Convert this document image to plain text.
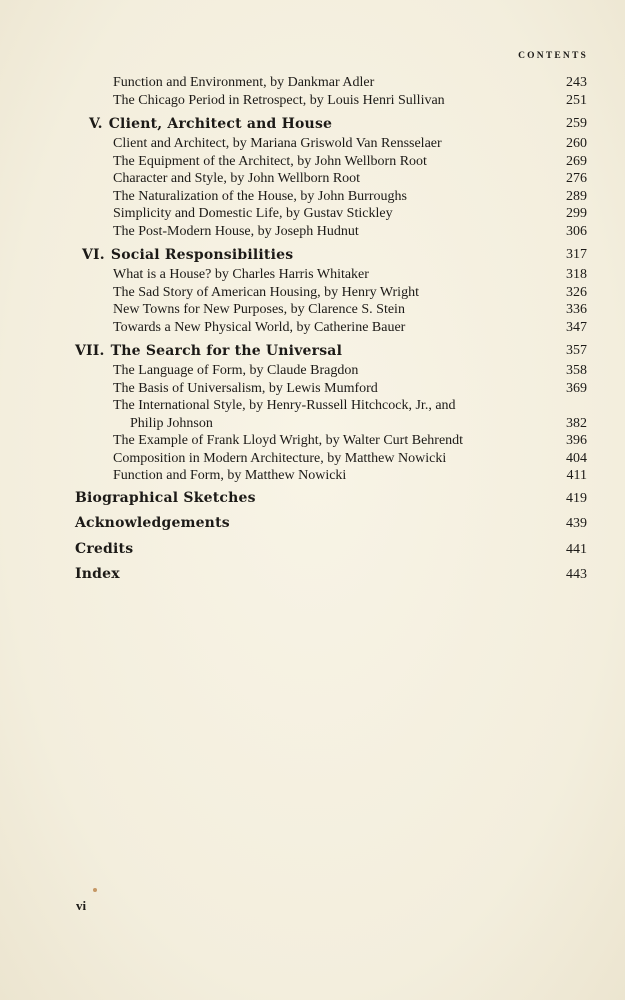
CONTENTS
Function and Environment, by Dankmar Adler	243
The Chicago Period in Retrospect, by Louis Henri Sullivan	251
V. Client, Architect and House	259
Client and Architect, by Mariana Griswold Van Rensselaer	260
The Equipment of the Architect, by John Wellborn Root	269
Character and Style, by John Wellborn Root	276
The Naturalization of the House, by John Burroughs	289
Simplicity and Domestic Life, by Gustav Stickley	299
The Post-Modern House, by Joseph Hudnut	306
VI. Social Responsibilities	317
What is a House? by Charles Harris Whitaker	318
The Sad Story of American Housing, by Henry Wright	326
New Towns for New Purposes, by Clarence S. Stein	336
Towards a New Physical World, by Catherine Bauer	347
VII. The Search for the Universal	357
The Language of Form, by Claude Bragdon	358
The Basis of Universalism, by Lewis Mumford	369
The International Style, by Henry-Russell Hitchcock, Jr., and
Philip Johnson	382
The Example of Frank Lloyd Wright, by Walter Curt Behrendt	396
Composition in Modern Architecture, by Matthew Nowicki	404
Function and Form, by Matthew Nowicki	411
Biographical Sketches	419
Acknowledgements	439
Credits	441
Index	443
vi
